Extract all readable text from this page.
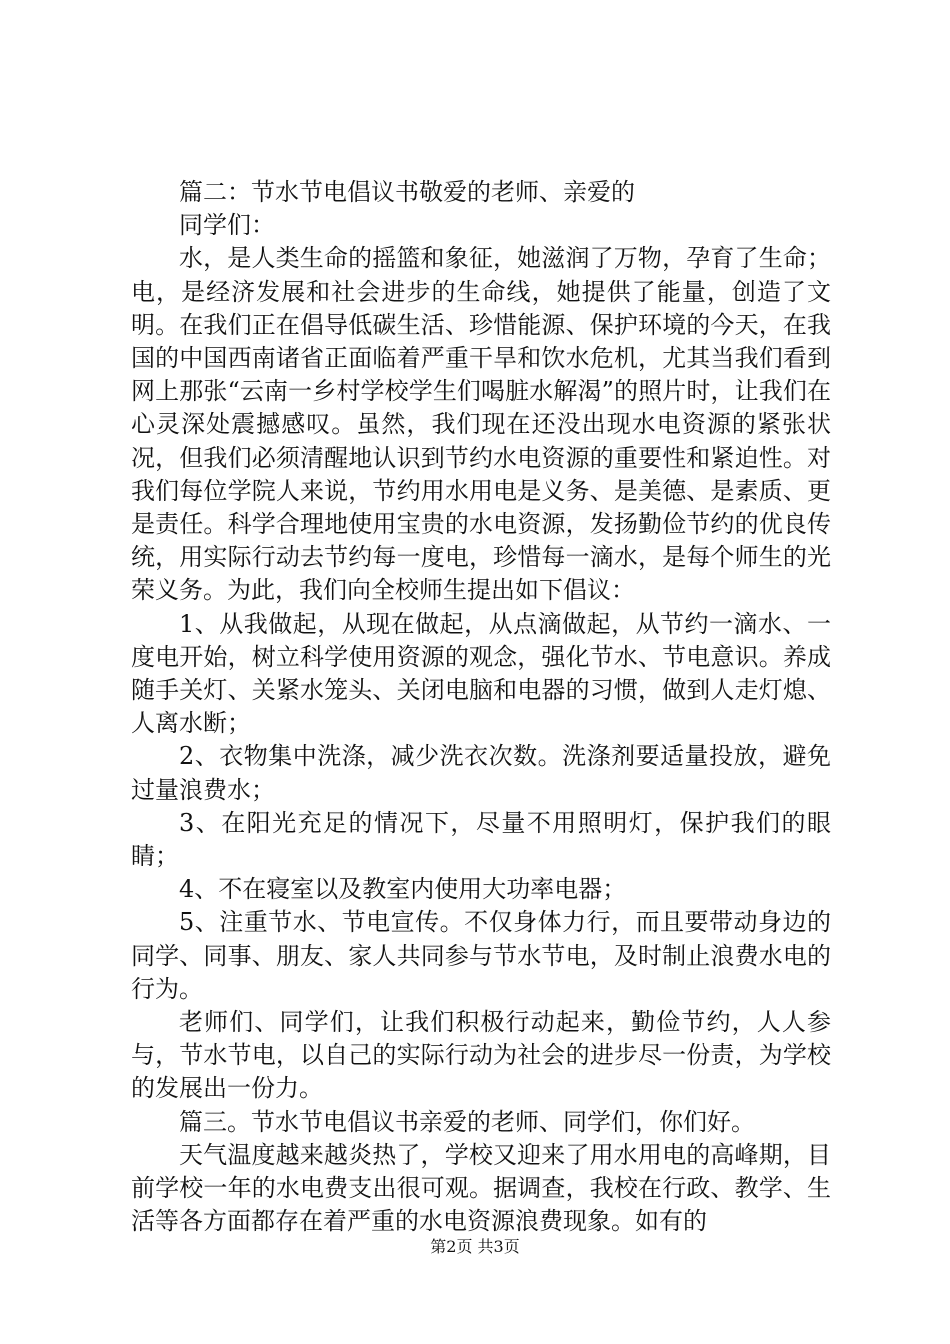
篇二：节水节电倡议书敬爱的老师、亲爱的

同学们：

水，是人类生命的摇篮和象征，她滋润了万物，孕育了生命；电，是经济发展和社会进步的生命线，她提供了能量，创造了文明。在我们正在倡导低碳生活、珍惜能源、保护环境的今天，在我国的中国西南诸省正面临着严重干旱和饮水危机，尤其当我们看到网上那张“云南一乡村学校学生们喝脏水解渴”的照片时，让我们在心灵深处震撼感叹。虽然，我们现在还没出现水电资源的紧张状况，但我们必须清醒地认识到节约水电资源的重要性和紧迫性。对我们每位学院人来说，节约用水用电是义务、是美德、是素质、更是责任。科学合理地使用宝贵的水电资源，发扬勤俭节约的优良传统，用实际行动去节约每一度电，珍惜每一滴水，是每个师生的光荣义务。为此，我们向全校师生提出如下倡议：

1、从我做起，从现在做起，从点滴做起，从节约一滴水、一度电开始，树立科学使用资源的观念，强化节水、节电意识。养成随手关灯、关紧水笼头、关闭电脑和电器的习惯，做到人走灯熄、人离水断；

2、衣物集中洗涤，减少洗衣次数。洗涤剂要适量投放，避免过量浪费水；

3、在阳光充足的情况下，尽量不用照明灯，保护我们的眼睛；

4、不在寝室以及教室内使用大功率电器；

5、注重节水、节电宣传。不仅身体力行，而且要带动身边的同学、同事、朋友、家人共同参与节水节电，及时制止浪费水电的行为。

老师们、同学们，让我们积极行动起来，勤俭节约，人人参与，节水节电，以自己的实际行动为社会的进步尽一份责，为学校的发展出一份力。

篇三。节水节电倡议书亲爱的老师、同学们，你们好。

天气温度越来越炎热了，学校又迎来了用水用电的高峰期，目前学校一年的水电费支出很可观。据调查，我校在行政、教学、生活等各方面都存在着严重的水电资源浪费现象。如有的

第2页 共3页
